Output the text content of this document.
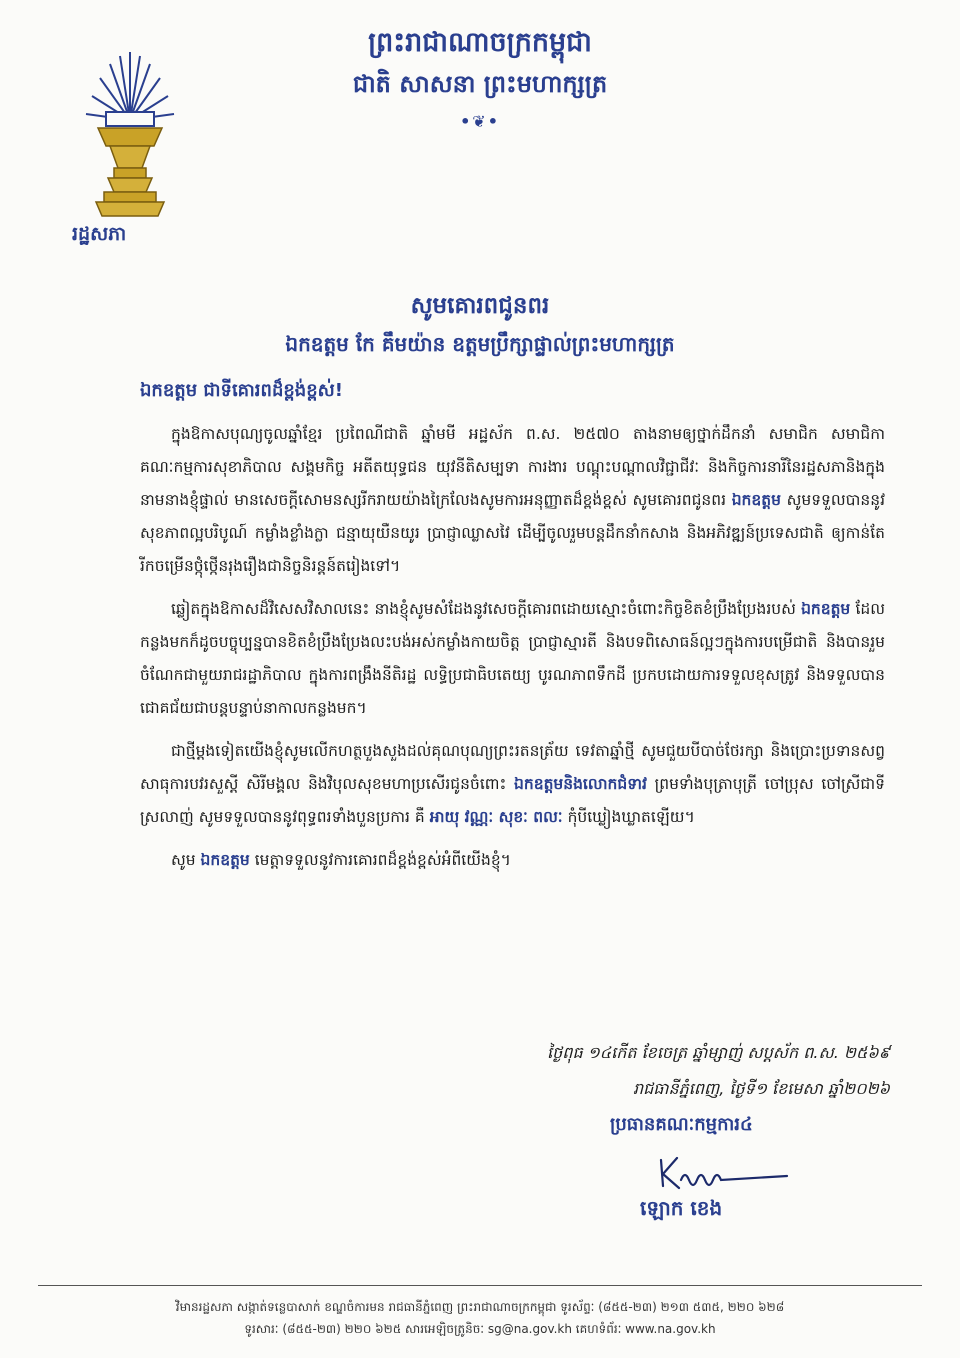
រដ្ឋសភា
ព្រះរាជាណាចក្រកម្ពុជា
ជាតិ សាសនា ព្រះមហាក្សត្រ
•❦•
សូមគោរពជូនពរ
ឯកឧត្តម កែ គឹមយ៉ាន ឧត្តមប្រឹក្សាផ្ទាល់ព្រះមហាក្សត្រ
ឯកឧត្តម ជាទីគោរពដ៏ខ្ពង់ខ្ពស់!

ក្នុងឱកាសបុណ្យចូលឆ្នាំខ្មែរ ប្រពៃណីជាតិ ឆ្នាំមមី អដ្ឋស័ក ព.ស. ២៥៧០ តាងនាមឲ្យថ្នាក់ដឹកនាំ សមាជិក សមាជិកា គណៈកម្មការសុខាភិបាល សង្គមកិច្ច អតីតយុទ្ធជន យុវនីតិសម្បទា ការងារ បណ្តុះបណ្តាលវិជ្ជាជីវៈ និងកិច្ចការនារីនៃរដ្ឋសភានិងក្នុងនាមនាងខ្ញុំផ្ទាល់ មានសេចក្តីសោមនស្សរីករាយយ៉ាងក្រៃលែងសូមការអនុញ្ញាតដ៏ខ្ពង់ខ្ពស់ សូមគោរពជូនពរ ឯកឧត្តម សូមទទួលបាននូវសុខភាពល្អបរិបូណ៍ កម្លាំងខ្លាំងក្លា ជន្មាយុយឺនយូរ ប្រាជ្ញាឈ្លាសវៃ ដើម្បីចូលរួមបន្តដឹកនាំកសាង និងអភិវឌ្ឍន៍ប្រទេសជាតិ ឲ្យកាន់តែរីកចម្រើនថ្កុំថ្កើនរុងរឿងជានិច្ចនិរន្តន៍តរៀងទៅ។

ឆ្លៀតក្នុងឱកាសដ៏វិសេសវិសាលនេះ នាងខ្ញុំសូមសំដែងនូវសេចក្តីគោរពដោយស្មោះចំពោះកិច្ចខិតខំប្រឹងប្រែងរបស់ ឯកឧត្តម ដែលកន្លងមកក៏ដូចបច្ចុប្បន្នបានខិតខំប្រឹងប្រែងលះបង់អស់កម្លាំងកាយចិត្ត ប្រាជ្ញាស្មារតី និងបទពិសោធន៍ល្អៗក្នុងការបម្រើជាតិ និងបានរួមចំណែកជាមួយរាជរដ្ឋាភិបាល ក្នុងការពង្រឹងនីតិរដ្ឋ លទ្ធិប្រជាធិបតេយ្យ បូរណភាពទឹកដី ប្រកបដោយការទទួលខុសត្រូវ និងទទួលបានជោគជ័យជាបន្តបន្ទាប់នាកាលកន្លងមក។

ជាថ្មីម្តងទៀតយើងខ្ញុំសូមលើកហត្ថបួងសួងដល់គុណបុណ្យព្រះរតនត្រ័យ ទេវតាឆ្នាំថ្មី សូមជួយបីបាច់ថែរក្សា និងប្រោះប្រទានសព្វសាធុការបវរសួស្តី សិរីមង្គល និងវិបុលសុខមហាប្រសើរជូនចំពោះ ឯកឧត្តមនិងលោកជំទាវ ព្រមទាំងបុត្រាបុត្រី ចៅប្រុស ចៅស្រីជាទី ស្រលាញ់ សូមទទួលបាននូវពុទ្ធពរទាំងបួនប្រការ គឺ អាយុ វណ្ណៈ សុខៈ ពលៈ កុំបីឃ្លៀងឃ្លាតឡើយ។

សូម ឯកឧត្តម មេត្តាទទួលនូវការគោរពដ៏ខ្ពង់ខ្ពស់អំពីយើងខ្ញុំ។

ថ្ងៃពុធ ១៤កើត ខែចេត្រ ឆ្នាំម្សាញ់ សប្តស័ក ព.ស. ២៥៦៩
រាជធានីភ្នំពេញ, ថ្ងៃទី១ ខែមេសា ឆ្នាំ២០២៦
ប្រធានគណៈកម្មការ៤
ឡោក ខេង
វិមានរដ្ឋសភា សង្កាត់ទន្លេបាសាក់ ខណ្ឌចំការមន រាជធានីភ្នំពេញ ព្រះរាជាណាចក្រកម្ពុជា ទូរស័ព្ទៈ (៨៥៥-២៣) ២១៣ ៥៣៥, ២២០ ៦២៨
ទូរសារៈ (៨៥៥-២៣) ២២០ ៦២៥ សារអេឡិចត្រូនិចៈ sg@na.gov.kh គេហទំព័រៈ www.na.gov.kh
